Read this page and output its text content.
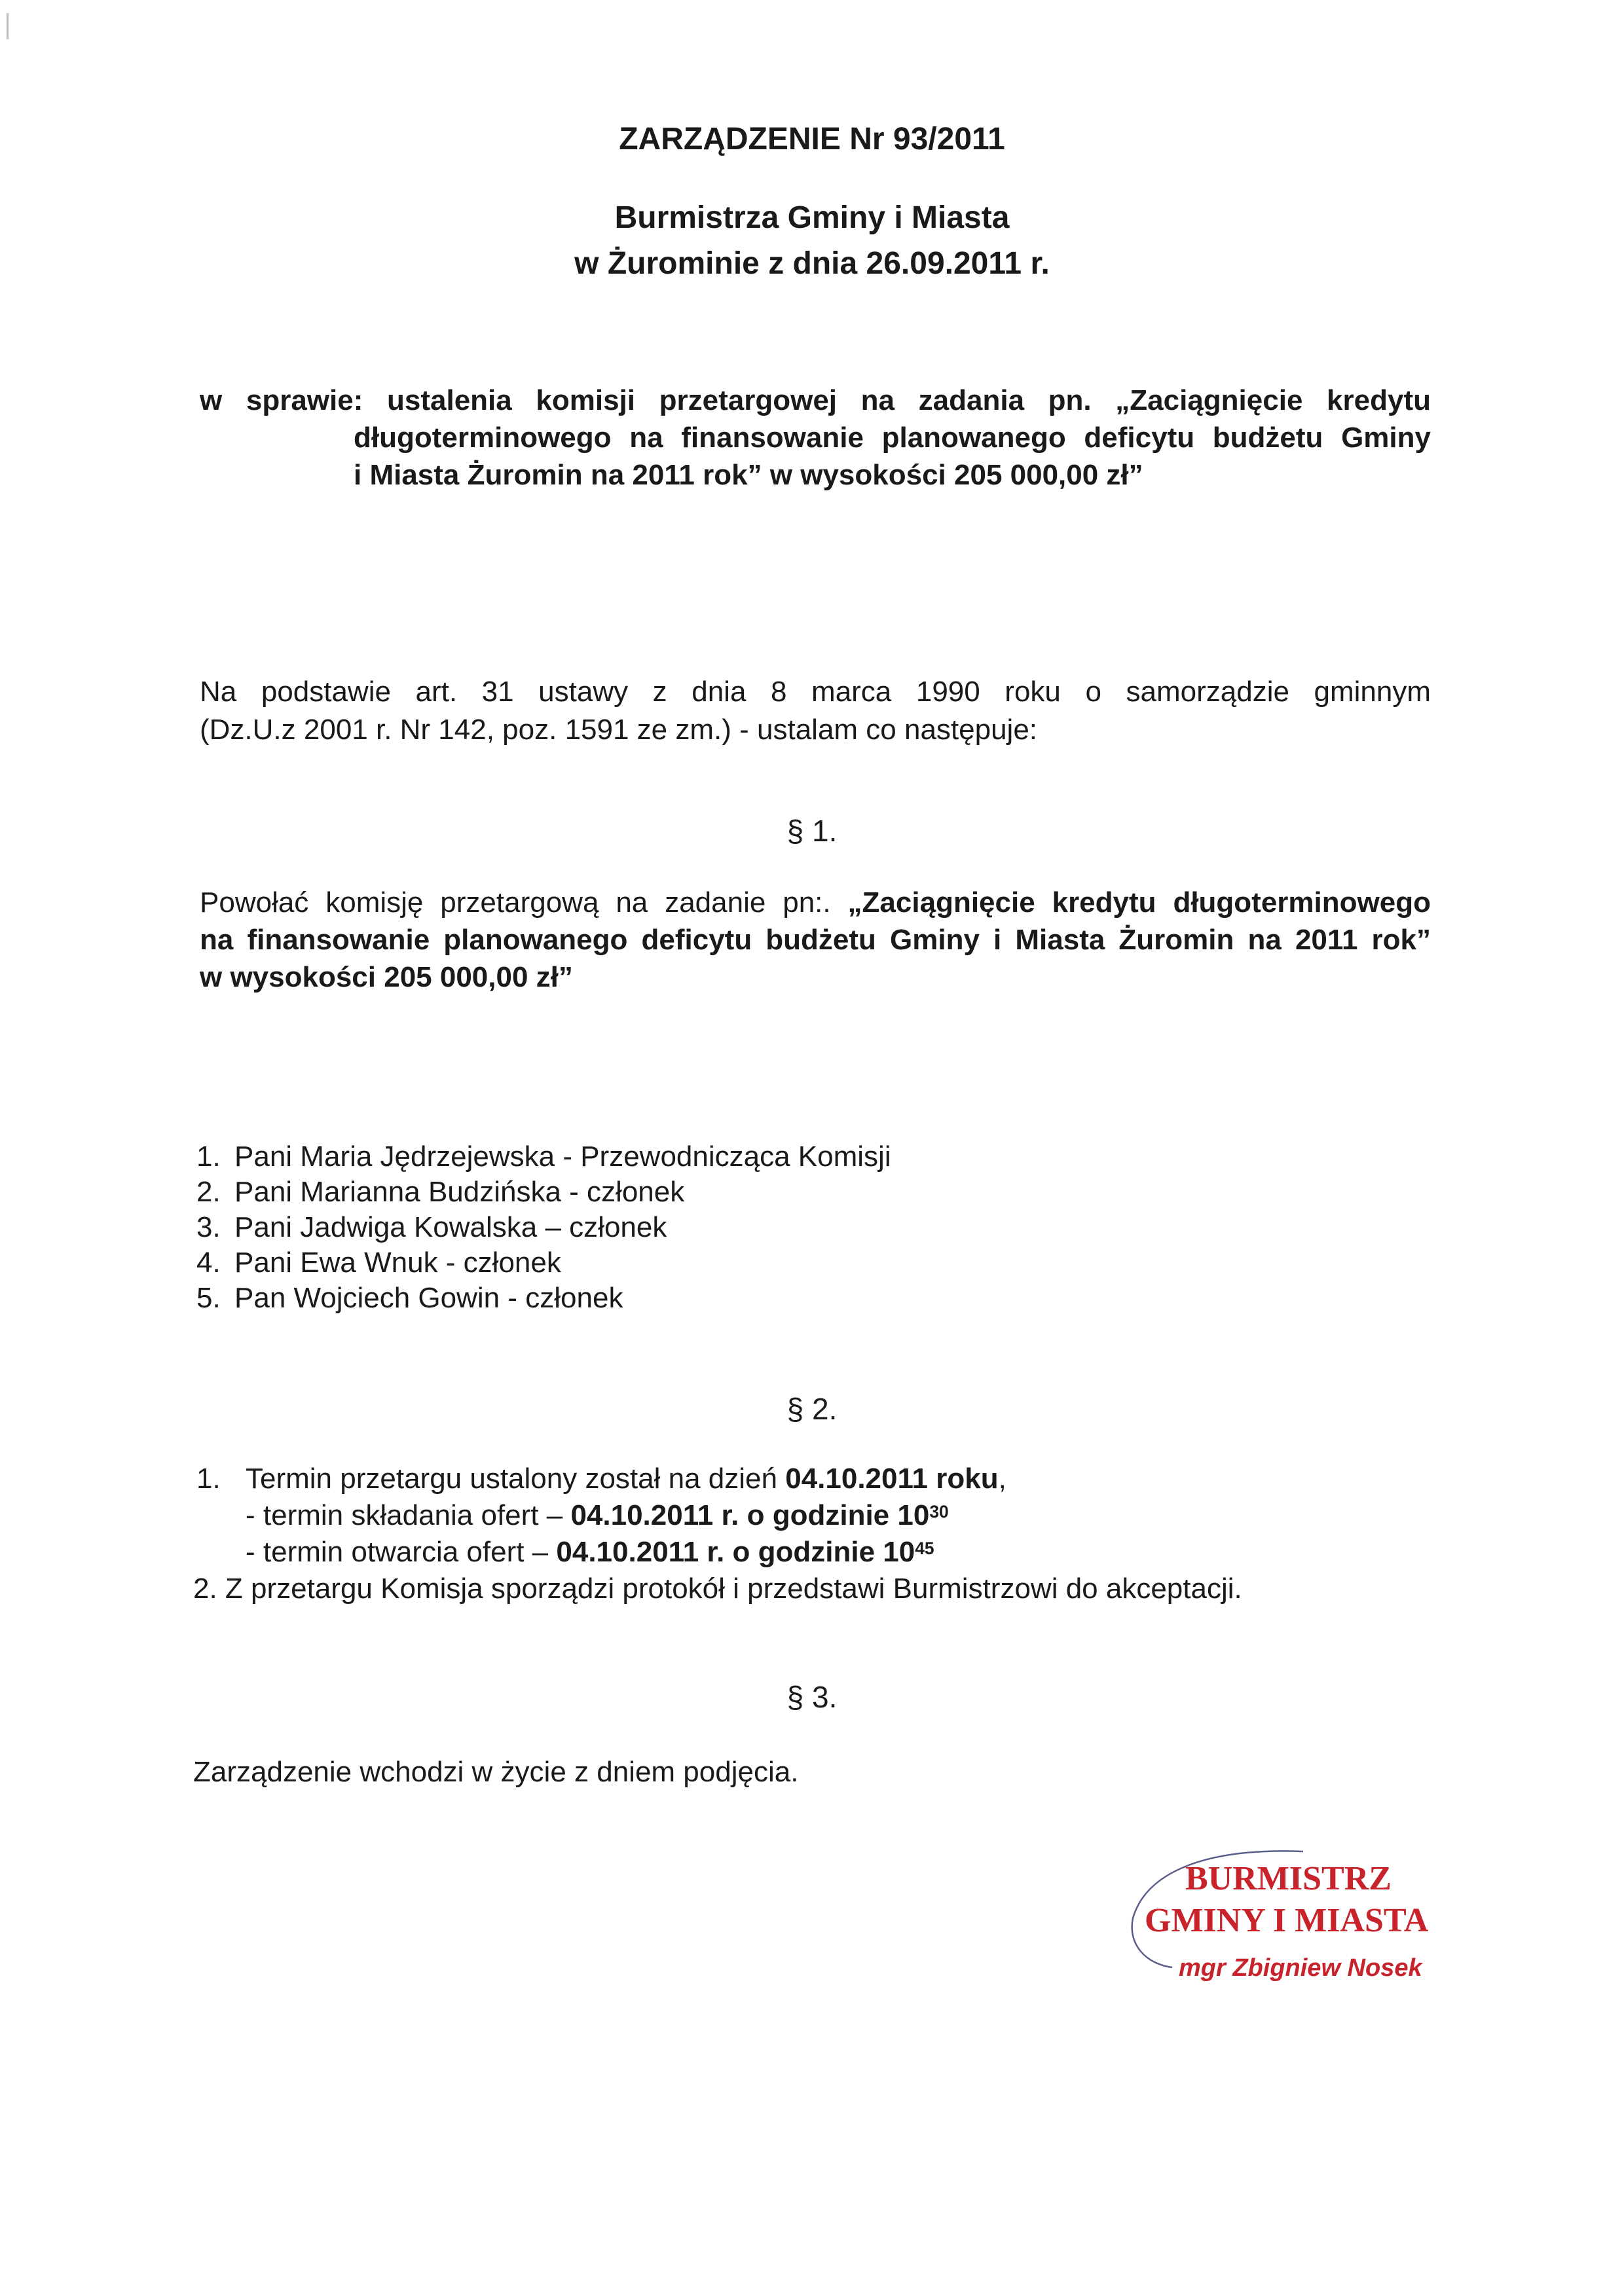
ZARZĄDZENIE Nr 93/2011
Burmistrza Gminy i Miasta
w Żurominie z dnia 26.09.2011 r.
w sprawie: ustalenia komisji przetargowej na zadania pn. „Zaciągnięcie kredytu
długoterminowego na finansowanie planowanego deficytu budżetu Gminy
i Miasta Żuromin na 2011 rok” w wysokości 205 000,00 zł”
Na podstawie art. 31 ustawy z dnia 8 marca 1990 roku o samorządzie gminnym
(Dz.U.z 2001 r. Nr 142, poz. 1591 ze zm.) - ustalam co następuje:
§ 1.
Powołać komisję przetargową na zadanie pn:. „Zaciągnięcie kredytu długoterminowego
na finansowanie planowanego deficytu budżetu Gminy i Miasta Żuromin na 2011 rok”
w wysokości 205 000,00 zł”
1. Pani Maria Jędrzejewska - Przewodnicząca Komisji
2. Pani Marianna Budzińska - członek
3. Pani Jadwiga Kowalska – członek
4. Pani Ewa Wnuk - członek
5. Pan Wojciech Gowin - członek
§ 2.
1. Termin przetargu ustalony został na dzień 04.10.2011 roku,
- termin składania ofert – 04.10.2011 r. o godzinie $10^{30}$
- termin otwarcia ofert – 04.10.2011 r. o godzinie $10^{45}$
2. Z przetargu Komisja sporządzi protokół i przedstawi Burmistrzowi do akceptacji.
§ 3.
Zarządzenie wchodzi w życie z dniem podjęcia.
BURMISTRZ
GMINY I MIASTA
mgr Zbigniew Nosek
